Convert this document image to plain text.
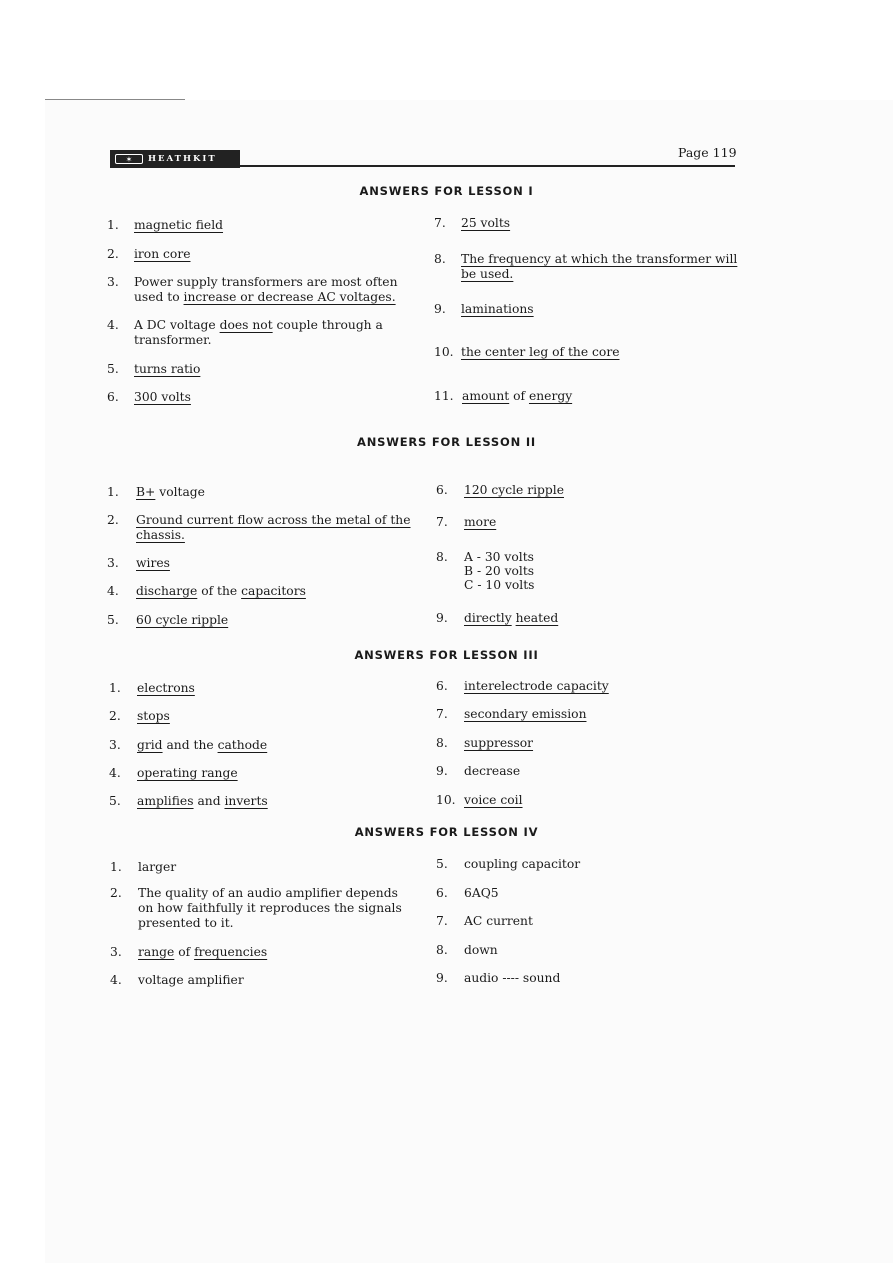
✶	HEATHKIT	Page 119
ANSWERS FOR LESSON I
1. magnetic field
2. iron core
3. Power supply transformers are most often
used to increase or decrease AC voltages.
4. A DC voltage does not couple through a
transformer.
5. turns ratio
6. 300 volts
7. 25 volts
8. The frequency at which the transformer will
be used.
9. laminations
10. the center leg of the core
11. amount of energy
ANSWERS FOR LESSON II
1. B+ voltage
2. Ground current flow across the metal of the
chassis.
3. wires
4. discharge of the capacitors
5. 60 cycle ripple
6. 120 cycle ripple
7. more
8. A - 30 volts
B - 20 volts
C - 10 volts
9. directly heated
ANSWERS FOR LESSON III
1. electrons
2. stops
3. grid and the cathode
4. operating range
5. amplifies and inverts
6. interelectrode capacity
7. secondary emission
8. suppressor
9. decrease
10. voice coil
ANSWERS FOR LESSON IV
1. larger
2. The quality of an audio amplifier depends
on how faithfully it reproduces the signals
presented to it.
3. range of frequencies
4. voltage amplifier
5. coupling capacitor
6. 6AQ5
7. AC current
8. down
9. audio ---- sound
